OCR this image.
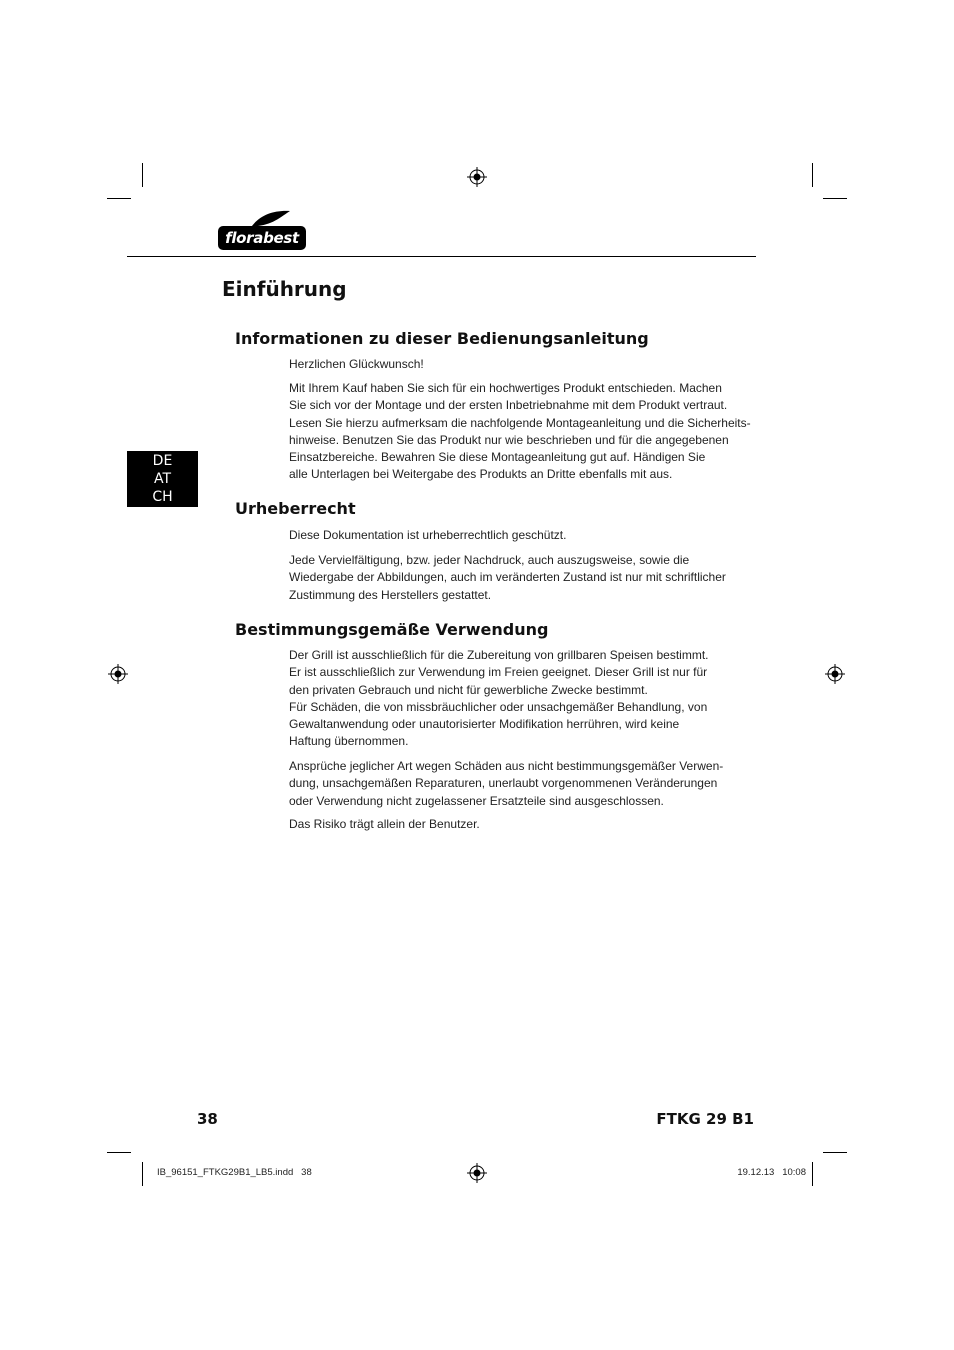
florabest
DE
AT
CH
Einführung
Informationen zu dieser Bedienungsanleitung
Herzlichen Glückwunsch!
Mit Ihrem Kauf haben Sie sich für ein hochwertiges Produkt entschieden. Machen
Sie sich vor der Montage und der ersten Inbetriebnahme mit dem Produkt vertraut.
Lesen Sie hierzu aufmerksam die nachfolgende Montageanleitung und die Sicherheits-
hinweise. Benutzen Sie das Produkt nur wie beschrieben und für die angegebenen
Einsatzbereiche. Bewahren Sie diese Montageanleitung gut auf. Händigen Sie
alle Unterlagen bei Weitergabe des Produkts an Dritte ebenfalls mit aus.
Urheberrecht
Diese Dokumentation ist urheberrechtlich geschützt.
Jede Vervielfältigung, bzw. jeder Nachdruck, auch auszugsweise, sowie die
Wiedergabe der Abbildungen, auch im veränderten Zustand ist nur mit schriftlicher
Zustimmung des Herstellers gestattet.
Bestimmungsgemäße Verwendung
Der Grill ist ausschließlich für die Zubereitung von grillbaren Speisen bestimmt.
Er ist ausschließlich zur Verwendung im Freien geeignet. Dieser Grill ist nur für
den privaten Gebrauch und nicht für gewerbliche Zwecke bestimmt.
Für Schäden, die von missbräuchlicher oder unsachgemäßer Behandlung, von
Gewaltanwendung oder unautorisierter Modifikation herrühren, wird keine
Haftung übernommen.
Ansprüche jeglicher Art wegen Schäden aus nicht bestimmungsgemäßer Verwen-
dung, unsachgemäßen Reparaturen, unerlaubt vorgenommenen Veränderungen
oder Verwendung nicht zugelassener Ersatzteile sind ausgeschlossen.
Das Risiko trägt allein der Benutzer.
38	FTKG 29 B1
IB_96151_FTKG29B1_LB5.indd   38	19.12.13   10:08
